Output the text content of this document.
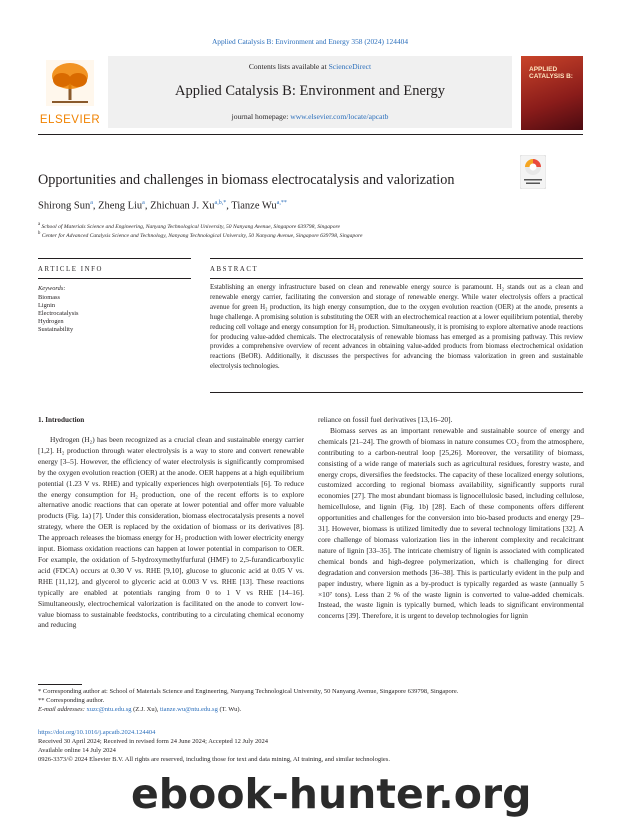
Applied Catalysis B: Environment and Energy 358 (2024) 124404
ELSEVIER
Contents lists available at ScienceDirect
Applied Catalysis B: Environment and Energy
journal homepage: www.elsevier.com/locate/apcatb
APPLIED CATALYSIS B:
Opportunities and challenges in biomass electrocatalysis and valorization
Shirong Sun$^a$, Zheng Liu$^a$, Zhichuan J. $Xu^{a,b,*}$, Tianze $Wu^{a,**}$
$^a$ School of Materials Science and Engineering, Nanyang Technological University, 50 Nanyang Avenue, Singapore 639798, Singapore
$^b$ Center for Advanced Catalysis Science and Technology, Nanyang Technological University, 50 Nanyang Avenue, Singapore 639798, Singapore
ARTICLE INFO	ABSTRACT
Keywords:
Biomass
Lignin
Electrocatalysis
Hydrogen
Sustainability
Establishing an energy infrastructure based on clean and renewable energy source is paramount. H₂ stands out as a clean and renewable energy carrier, facilitating the conversion and storage of renewable energy. While water electrolysis offers a practical avenue for green H₂ production, its high energy consumption, due to the oxygen evolution reaction (OER) at the anode, presents a huge challenge. A promising solution is substituting the OER with an electrochemical reaction at a lower equilibrium potential, thereby reducing cell voltage and energy consumption for H₂ production. Simultaneously, it is promising to explore alternative anode reactions for producing value-added chemicals. The electrocatalysis of renewable biomass has emerged as a promising pathway. This review provides a comprehensive overview of recent advances in obtaining value-added products from biomass electrochemical oxidation reactions (BeOR). Additionally, it discusses the perspectives for advancing the biomass valorization in green and sustainable electrolysis technologies.
1. Introduction

Hydrogen (H₂) has been recognized as a crucial clean and sustainable energy carrier [1,2]. H₂ production through water electrolysis is a way to store and convert renewable energy [3–5]. However, the efficiency of water electrolysis is significantly compromised by the oxygen evolution reaction (OER) at the anode. OER happens at a high equilibrium potential (1.23 V vs. RHE) and typically experiences high overpotentials [6]. To reduce the energy consumption for H₂ production, one of the recent efforts is to explore alternative anodic reactions that can operate at lower potential and offer more valuable products (Fig. 1a) [7]. Under this consideration, biomass electrocatalysis presents a novel strategy, where the OER is replaced by the oxidation of biomass or its derivatives [8]. The approach releases the biomass energy for H₂ production with lower electricity energy input. Biomass oxidation reactions can happen at lower potential in comparison to OER. For example, the oxidation of 5-hydroxymethylfurfural (HMF) to 2,5-furandicarboxylic acid (FDCA) occurs at 0.30 V vs. RHE [9,10], glucose to gluconic acid at 0.05 V vs. RHE [11,12], and glycerol to glyceric acid at 0.003 V vs. RHE [13]. These reactions typically are enabled at potentials ranging from 0 to 1 V vs RHE [14–16]. Simultaneously, electrochemical valorization is facilitated on the anode to convert low-value biomass to sustainable feedstocks, contributing to a circulating chemical economy and reducing

reliance on fossil fuel derivatives [13,16–20].

Biomass serves as an important renewable and sustainable source of energy and chemicals [21–24]. The growth of biomass in nature consumes CO₂ from the atmosphere, contributing to a carbon-neutral loop [25,26]. Moreover, the versatility of biomass, consisting of a wide range of materials such as agricultural residues, forestry waste, and energy crops, diversifies the feedstocks. The capacity of these localized energy solutions, customized according to regional biomass availability, significantly supports rural economies [27]. The most abundant biomass is lignocellulosic based, including cellulose, hemicellulose, and lignin (Fig. 1b) [28]. Each of these components offers different opportunities and challenges for the conversion into bio-based products and energy [29–31]. However, biomass is utilized limitedly due to several technology limitations [32]. A core challenge of biomass valorization lies in the inherent complexity and recalcitrant nature of lignin [33–35]. The intricate chemistry of lignin is associated with complicated chemical bonds and high-degree polymerization, which is challenging for direct degradation and conversion methods [36–38]. This is particularly evident in the pulp and paper industry, where lignin as a by-product is typically regarded as waste (annually 5 ×10⁷ tons). Less than 2 % of the waste lignin is converted to value-added chemicals. Instead, the waste lignin is typically burned, which leads to significant environmental concerns [39]. Therefore, it is urgent to develop technologies for lignin

* Corresponding author at: School of Materials Science and Engineering, Nanyang Technological University, 50 Nanyang Avenue, Singapore 639798, Singapore.
** Corresponding author.
E-mail addresses: xuzc@ntu.edu.sg (Z.J. Xu), tianze.wu@ntu.edu.sg (T. Wu).
https://doi.org/10.1016/j.apcatb.2024.124404
Received 30 April 2024; Received in revised form 24 June 2024; Accepted 12 July 2024
Available online 14 July 2024
0926-3373/© 2024 Elsevier B.V. All rights are reserved, including those for text and data mining, AI training, and similar technologies.
ebook-hunter.org
